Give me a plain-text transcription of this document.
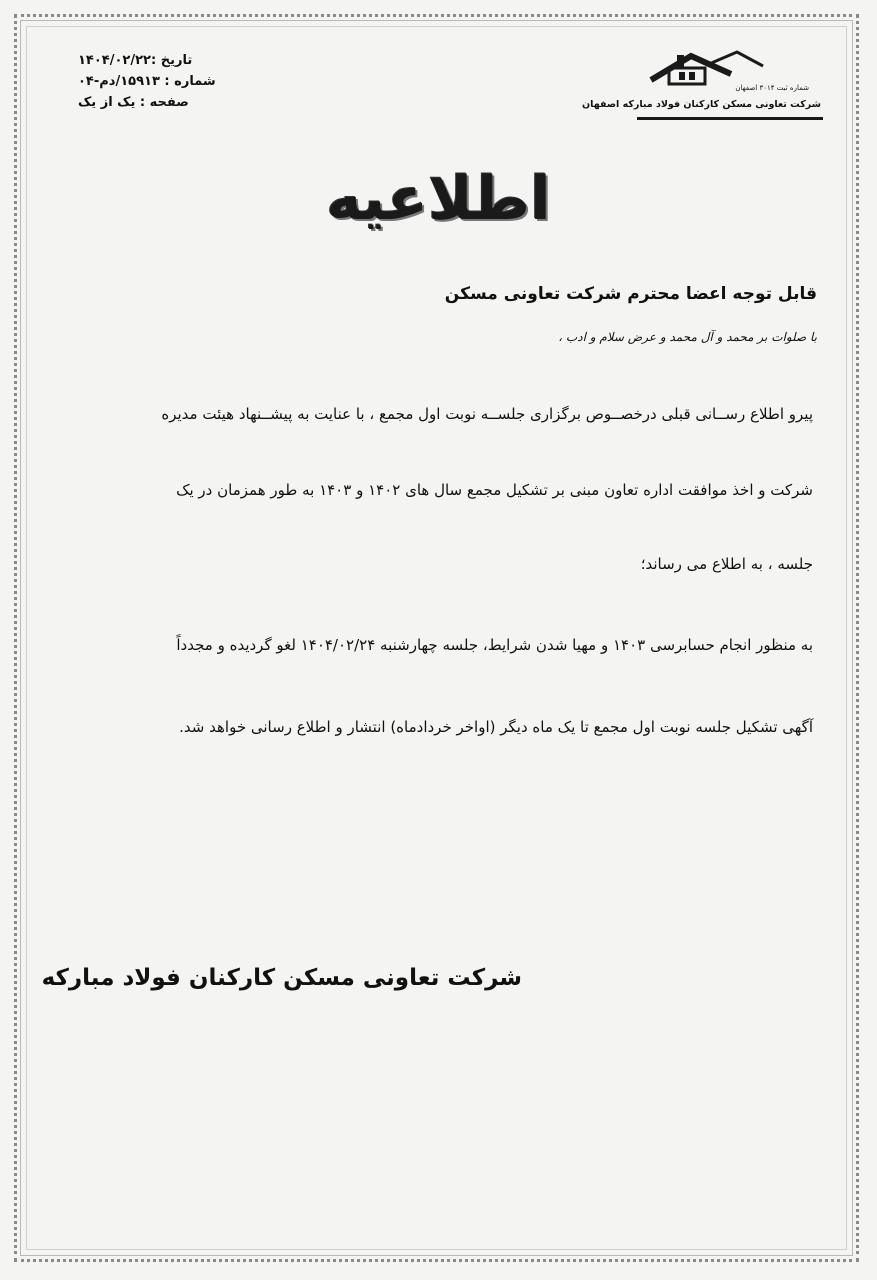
تاریخ :۱۴۰۴/۰۲/۲۲
شماره : ۱۵۹۱۳/دم-۰۴
صفحه : یک از یک
شماره ثبت ۳۰۱۴ اصفهان
شرکت تعاونی مسکن کارکنان فولاد مبارکه اصفهان
اطلاعیه
قابل توجه اعضا محترم شرکت تعاونی مسکن
با صلوات بر محمد و آل محمد و عرض سلام و ادب ،
پیرو اطلاع رســانی قبلی درخصــوص برگزاری جلســه نوبت اول مجمع ، با عنایت به پیشــنهاد هیئت مدیره
شرکت و اخذ موافقت اداره تعاون مبنی بر تشکیل مجمع سال های ۱۴۰۲ و ۱۴۰۳ به طور همزمان در یک
جلسه ، به اطلاع می رساند؛
به منظور انجام حسابرسی ۱۴۰۳ و مهیا شدن شرایط، جلسه چهارشنبه ۱۴۰۴/۰۲/۲۴ لغو گردیده و مجدداً
آگهی تشکیل جلسه نوبت اول مجمع تا یک ماه دیگر (اواخر خردادماه) انتشار و اطلاع رسانی خواهد شد.
شرکت تعاونی مسکن کارکنان فولاد مبارکه
